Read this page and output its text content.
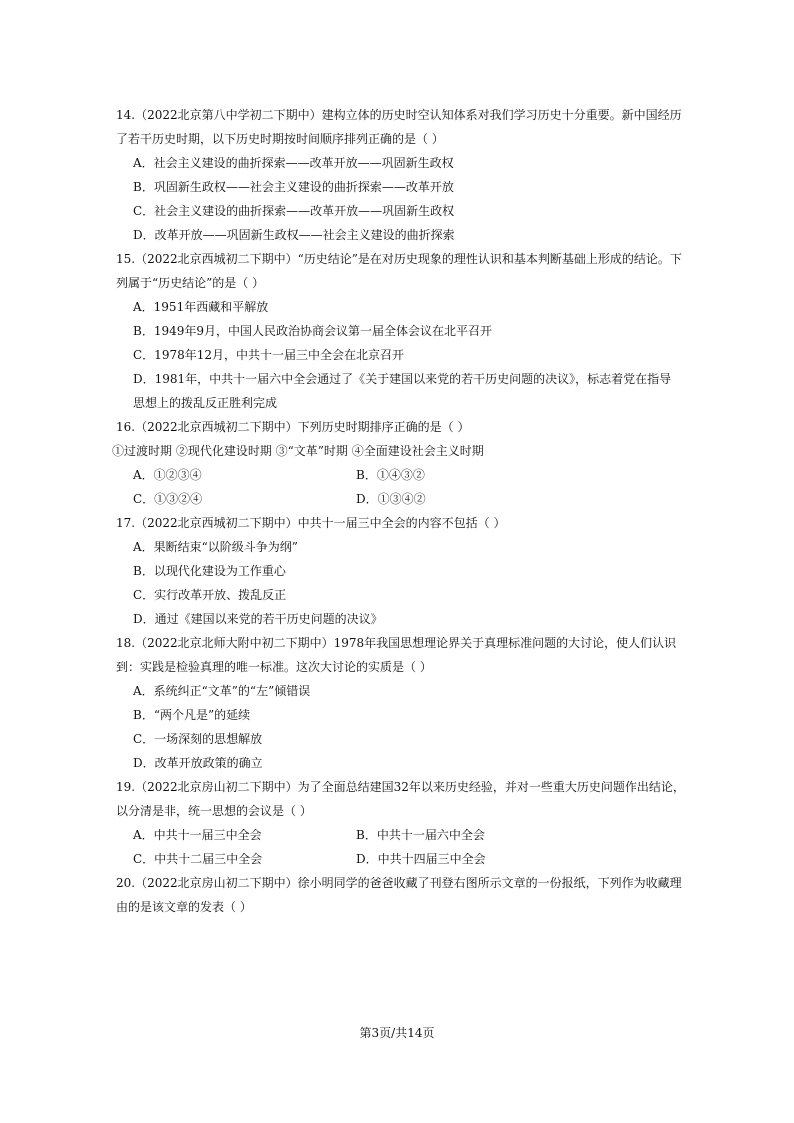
14.（2022北京第八中学初二下期中）建构立体的历史时空认知体系对我们学习历史十分重要。新中国经历
了若干历史时期，以下历史时期按时间顺序排列正确的是（ ）
A．社会主义建设的曲折探索——改革开放——巩固新生政权
B．巩固新生政权——社会主义建设的曲折探索——改革开放
C．社会主义建设的曲折探索——改革开放——巩固新生政权
D．改革开放——巩固新生政权——社会主义建设的曲折探索
15.（2022北京西城初二下期中）“历史结论”是在对历史现象的理性认识和基本判断基础上形成的结论。下
列属于“历史结论”的是（ ）
A．1951年西藏和平解放
B．1949年9月，中国人民政治协商会议第一届全体会议在北平召开
C．1978年12月，中共十一届三中全会在北京召开
D．1981年，中共十一届六中全会通过了《关于建国以来党的若干历史问题的决议》，标志着党在指导
思想上的拨乱反正胜利完成
16.（2022北京西城初二下期中）下列历史时期排序正确的是（ ）
①过渡时期 ②现代化建设时期 ③“文革”时期 ④全面建设社会主义时期
A．①②③④	B．①④③②
C．①③②④	D．①③④②
17.（2022北京西城初二下期中）中共十一届三中全会的内容不包括（ ）
A．果断结束“以阶级斗争为纲”
B．以现代化建设为工作重心
C．实行改革开放、拨乱反正
D．通过《建国以来党的若干历史问题的决议》
18.（2022北京北师大附中初二下期中）1978年我国思想理论界关于真理标准问题的大讨论，使人们认识
到：实践是检验真理的唯一标准。这次大讨论的实质是（ ）
A．系统纠正“文革”的“左”倾错误
B．“两个凡是”的延续
C．一场深刻的思想解放
D．改革开放政策的确立
19.（2022北京房山初二下期中）为了全面总结建国32年以来历史经验，并对一些重大历史问题作出结论，
以分清是非，统一思想的会议是（ ）
A．中共十一届三中全会	B．中共十一届六中全会
C．中共十二届三中全会	D．中共十四届三中全会
20.（2022北京房山初二下期中）徐小明同学的爸爸收藏了刊登右图所示文章的一份报纸，下列作为收藏理
由的是该文章的发表（ ）
第3页/共14页
